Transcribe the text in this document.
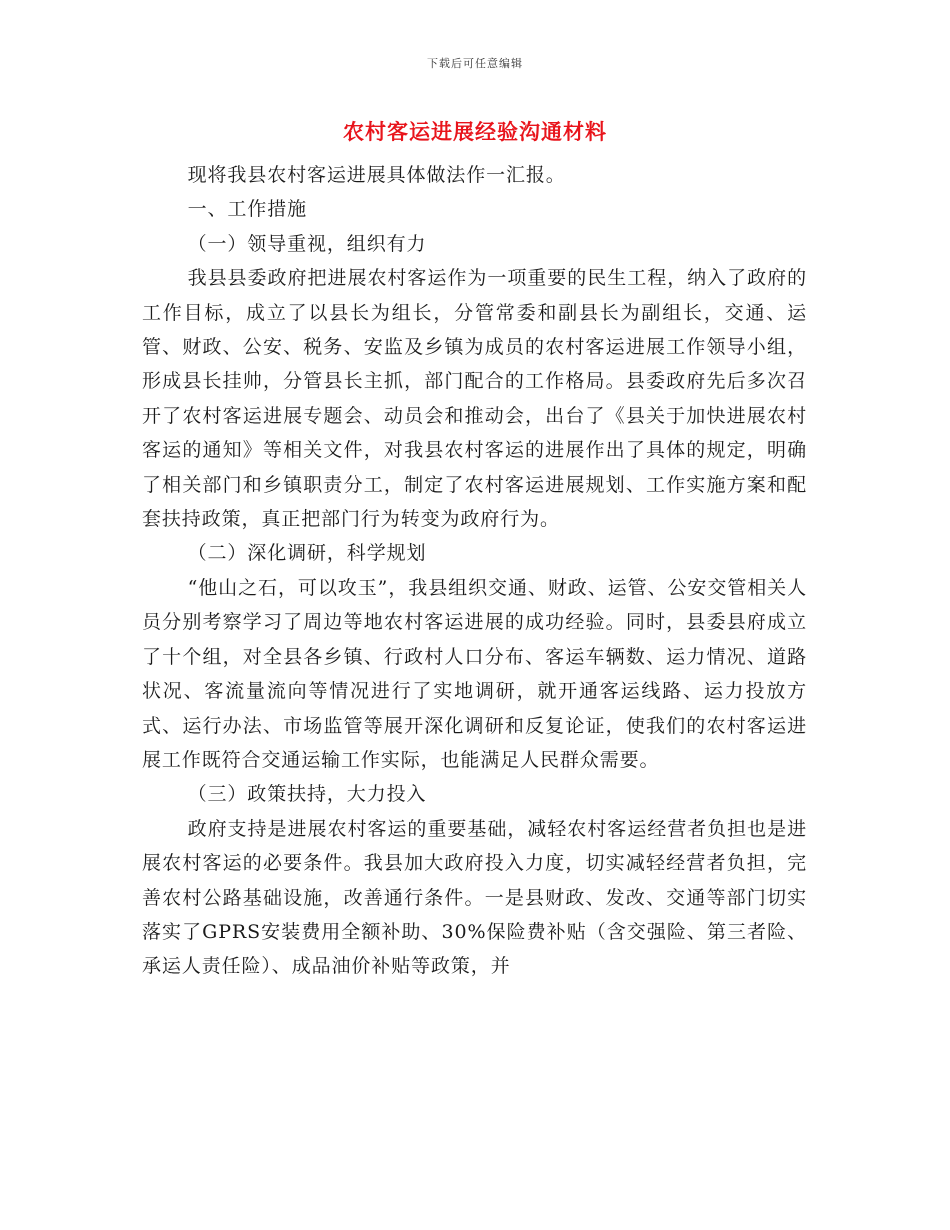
下载后可任意编辑
农村客运进展经验沟通材料

现将我县农村客运进展具体做法作一汇报。

一、工作措施

（一）领导重视，组织有力

我县县委政府把进展农村客运作为一项重要的民生工程，纳入了政府的工作目标，成立了以县长为组长，分管常委和副县长为副组长，交通、运管、财政、公安、税务、安监及乡镇为成员的农村客运进展工作领导小组，形成县长挂帅，分管县长主抓，部门配合的工作格局。县委政府先后多次召开了农村客运进展专题会、动员会和推动会，出台了《县关于加快进展农村客运的通知》等相关文件，对我县农村客运的进展作出了具体的规定，明确了相关部门和乡镇职责分工，制定了农村客运进展规划、工作实施方案和配套扶持政策，真正把部门行为转变为政府行为。

（二）深化调研，科学规划

“他山之石，可以攻玉”，我县组织交通、财政、运管、公安交管相关人员分别考察学习了周边等地农村客运进展的成功经验。同时，县委县府成立了十个组，对全县各乡镇、行政村人口分布、客运车辆数、运力情况、道路状况、客流量流向等情况进行了实地调研，就开通客运线路、运力投放方式、运行办法、市场监管等展开深化调研和反复论证，使我们的农村客运进展工作既符合交通运输工作实际，也能满足人民群众需要。

（三）政策扶持，大力投入

政府支持是进展农村客运的重要基础，减轻农村客运经营者负担也是进展农村客运的必要条件。我县加大政府投入力度，切实减轻经营者负担，完善农村公路基础设施，改善通行条件。一是县财政、发改、交通等部门切实落实了GPRS安装费用全额补助、30%保险费补贴（含交强险、第三者险、承运人责任险）、成品油价补贴等政策，并
